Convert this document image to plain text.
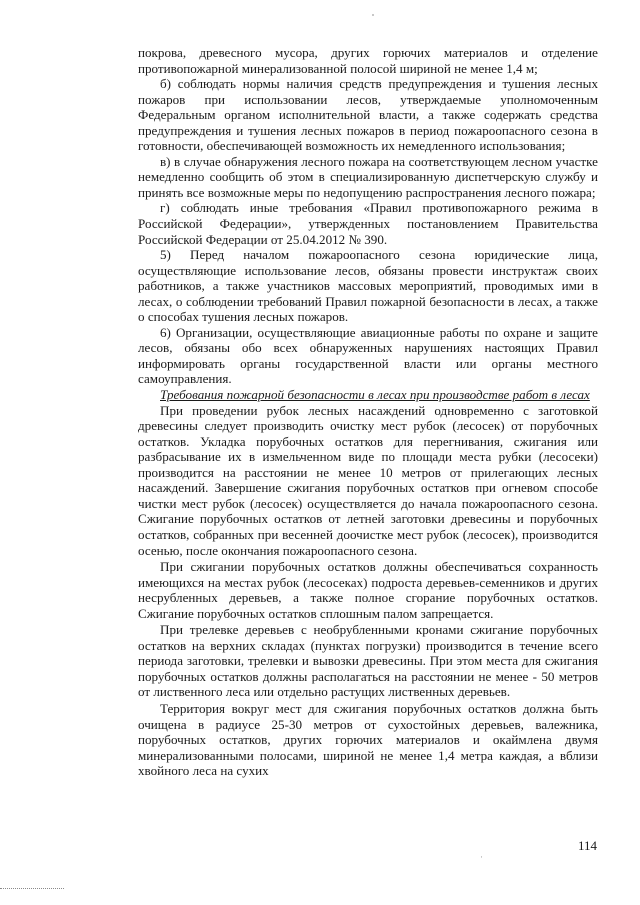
покрова, древесного мусора, других горючих материалов и отделение противопожарной минерализованной полосой шириной не менее 1,4 м;

б) соблюдать нормы наличия средств предупреждения и тушения лесных пожаров при использовании лесов, утверждаемые уполномоченным Федеральным органом исполнительной власти, а также содержать средства предупреждения и тушения лесных пожаров в период пожароопасного сезона в готовности, обеспечивающей возможность их немедленного использования;

в) в случае обнаружения лесного пожара на соответствующем лесном участке немедленно сообщить об этом в специализированную диспетчерскую службу и принять все возможные меры по недопущению распространения лесного пожара;

г) соблюдать иные требования «Правил противопожарного режима в Российской Федерации», утвержденных постановлением Правительства Российской Федерации от 25.04.2012 № 390.

5) Перед началом пожароопасного сезона юридические лица, осуществляющие использование лесов, обязаны провести инструктаж своих работников, а также участников массовых мероприятий, проводимых ими в лесах, о соблюдении требований Правил пожарной безопасности в лесах, а также о способах тушения лесных пожаров.

6) Организации, осуществляющие авиационные работы по охране и защите лесов, обязаны обо всех обнаруженных нарушениях настоящих Правил информировать органы государственной власти или органы местного самоуправления.

Требования пожарной безопасности в лесах при производстве работ в лесах

При проведении рубок лесных насаждений одновременно с заготовкой древесины следует производить очистку мест рубок (лесосек) от порубочных остатков. Укладка порубочных остатков для перегнивания, сжигания или разбрасывание их в измельченном виде по площади места рубки (лесосеки) производится на расстоянии не менее 10 метров от прилегающих лесных насаждений. Завершение сжигания порубочных остатков при огневом способе чистки мест рубок (лесосек) осуществляется до начала пожароопасного сезона. Сжигание порубочных остатков от летней заготовки древесины и порубочных остатков, собранных при весенней доочистке мест рубок (лесосек), производится осенью, после окончания пожароопасного сезона.

При сжигании порубочных остатков должны обеспечиваться сохранность имеющихся на местах рубок (лесосеках) подроста деревьев-семенников и других несрубленных деревьев, а также полное сгорание порубочных остатков. Сжигание порубочных остатков сплошным палом запрещается.

При трелевке деревьев с необрубленными кронами сжигание порубочных остатков на верхних складах (пунктах погрузки) производится в течение всего периода заготовки, трелевки и вывозки древесины. При этом места для сжигания порубочных остатков должны располагаться на расстоянии не менее - 50 метров от лиственного леса или отдельно растущих лиственных деревьев.

Территория вокруг мест для сжигания порубочных остатков должна быть очищена в радиусе 25-30 метров от сухостойных деревьев, валежника, порубочных остатков, других горючих материалов и окаймлена двумя минерализованными полосами, шириной не менее 1,4 метра каждая, а вблизи хвойного леса на сухих

114
·
